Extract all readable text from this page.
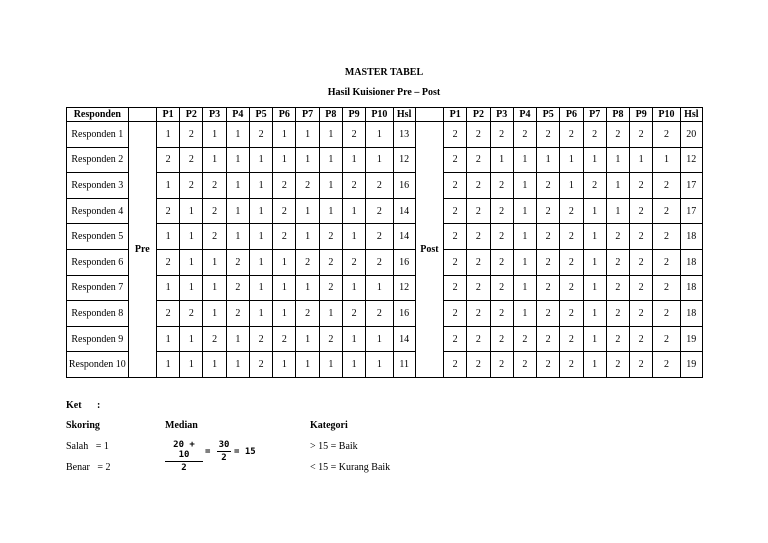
MASTER TABEL
Hasil Kuisioner Pre – Post
Responden		P1	P2	P3	P4	P5	P6	P7	P8	P9	P10	Hsl		P1	P2	P3	P4	P5	P6	P7	P8	P9	P10	Hsl
Responden 1	Pre	1	2	1	1	2	1	1	1	2	1	13	Post	2	2	2	2	2	2	2	2	2	2	20
Responden 2		2	2	1	1	1	1	1	1	1	1	12		2	2	1	1	1	1	1	1	1	1	12
Responden 3		1	2	2	1	1	2	2	1	2	2	16		2	2	2	1	2	1	2	1	2	2	17
Responden 4		2	1	2	1	1	2	1	1	1	2	14		2	2	2	1	2	2	1	1	2	2	17
Responden 5		1	1	2	1	1	2	1	2	1	2	14		2	2	2	1	2	2	1	2	2	2	18
Responden 6		2	1	1	2	1	1	2	2	2	2	16		2	2	2	1	2	2	1	2	2	2	18
Responden 7		1	1	1	2	1	1	1	2	1	1	12		2	2	2	1	2	2	1	2	2	2	18
Responden 8		2	2	1	2	1	1	2	1	2	2	16		2	2	2	1	2	2	1	2	2	2	18
Responden 9		1	1	2	1	2	2	1	2	1	1	14		2	2	2	2	2	2	1	2	2	2	19
Responden 10		1	1	1	1	2	1	1	1	1	1	11		2	2	2	2	2	2	1	2	2	2	19
Ket :
Skoring
Salah   = 1
Benar   = 2
Median
$\frac{20 + 10}{2} = \frac{30}{2} = 15$
Kategori
> 15 = Baik
< 15 = Kurang Baik
